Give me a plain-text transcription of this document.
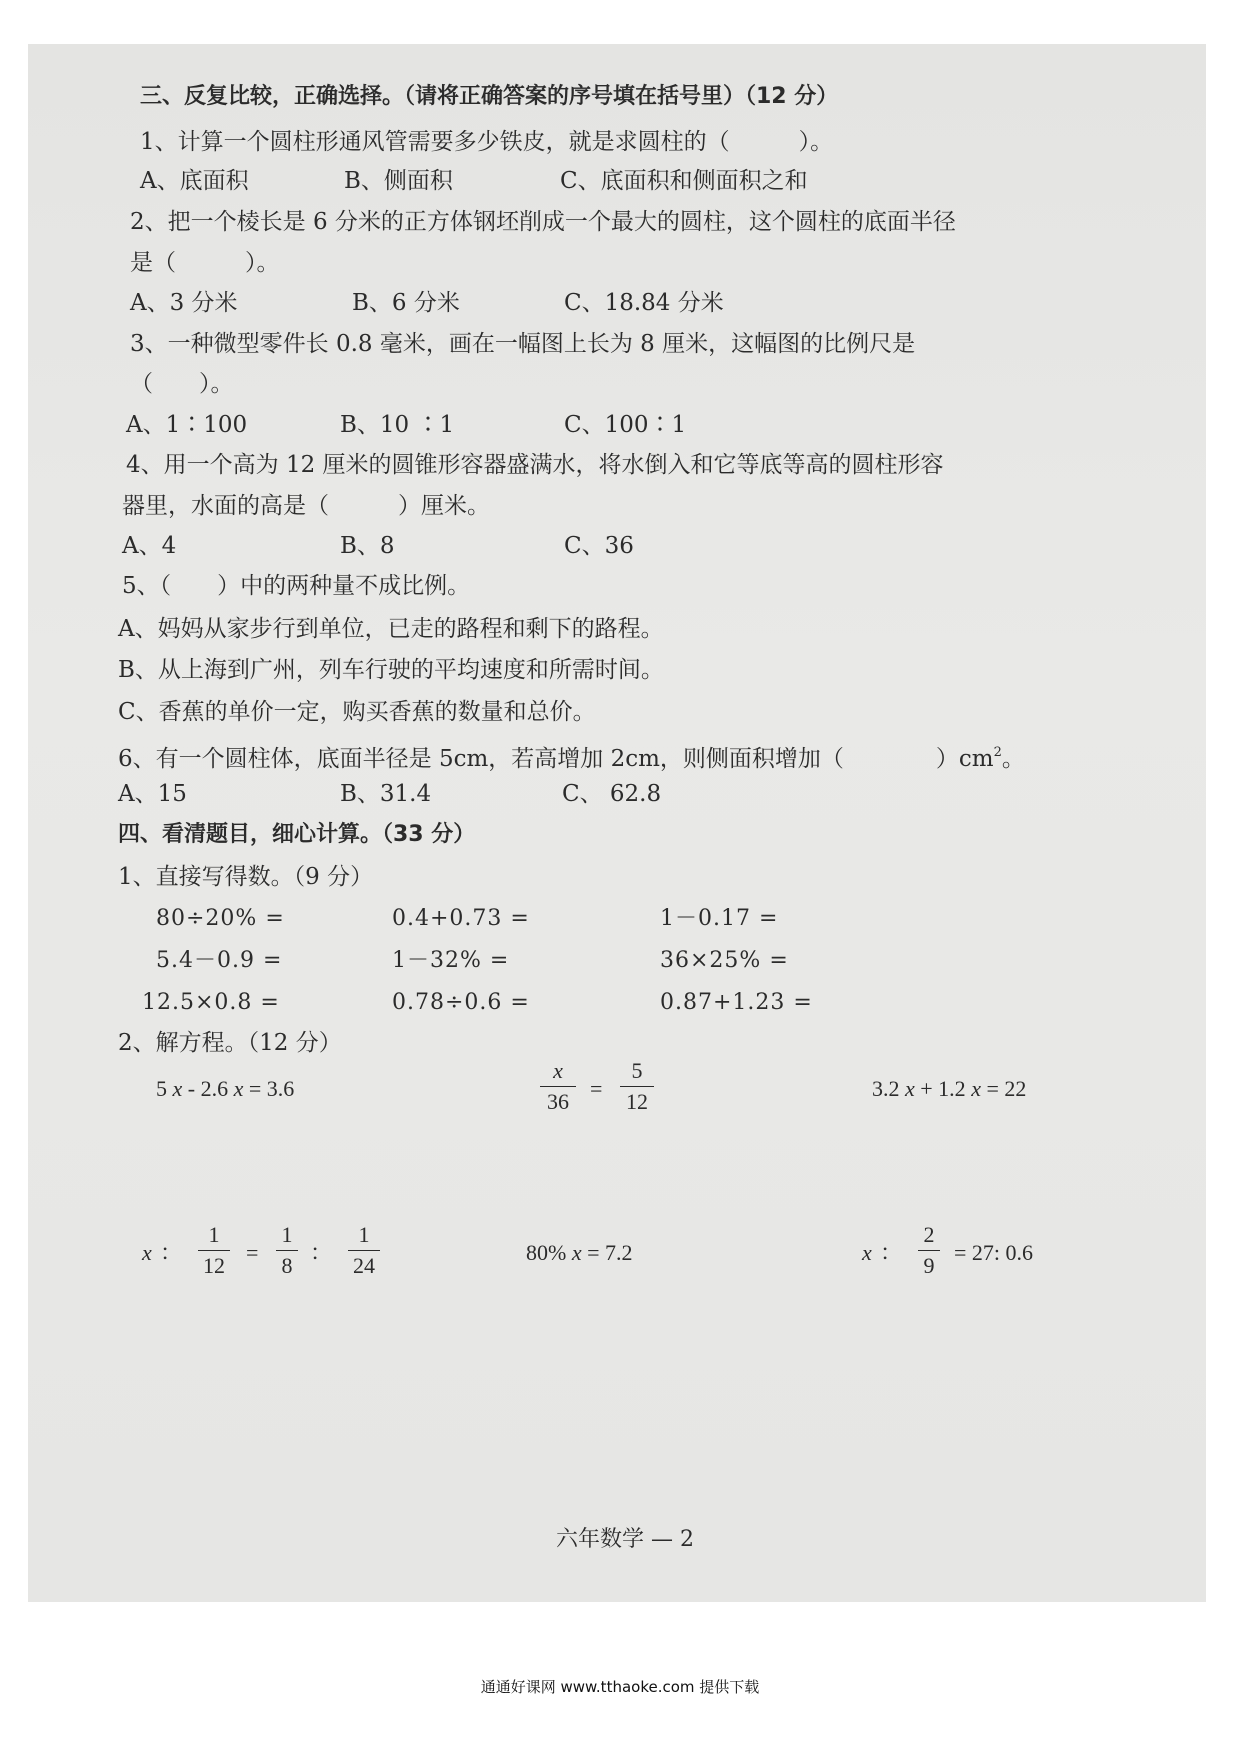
三、反复比较，正确选择。（请将正确答案的序号填在括号里）（12 分）
1、计算一个圆柱形通风管需要多少铁皮，就是求圆柱的（　　　）。
A、底面积	B、侧面积	C、底面积和侧面积之和
2、把一个棱长是 6 分米的正方体钢坯削成一个最大的圆柱，这个圆柱的底面半径
是（　　　）。
A、3 分米	B、6 分米	C、18.84 分米
3、一种微型零件长 0.8 毫米，画在一幅图上长为 8 厘米，这幅图的比例尺是
（　　）。
A、1∶100	B、10 ∶1	C、100∶1
4、用一个高为 12 厘米的圆锥形容器盛满水，将水倒入和它等底等高的圆柱形容
器里，水面的高是（　　　）厘米。
A、4	B、8	C、36
5、（　　）中的两种量不成比例。
A、妈妈从家步行到单位，已走的路程和剩下的路程。
B、从上海到广州，列车行驶的平均速度和所需时间。
C、香蕉的单价一定，购买香蕉的数量和总价。
6、有一个圆柱体，底面半径是 5cm，若高增加 2cm，则侧面积增加（　　　　）$cm^2$。
A、15	B、31.4	C、 62.8
四、看清题目，细心计算。（33 分）
1、直接写得数。（9 分）
80÷20% =	0.4+0.73 =	1－0.17 =
5.4－0.9 =	1－32% =	36×25% =
12.5×0.8 =	0.78÷0.6 =	0.87+1.23 =
2、解方程。（12 分）
5 x - 2.6 x = 3.6	$\frac{x}{36} = \frac{5}{12}$	3.2 x + 1.2 x = 22
x ： $\frac{1}{12} = \frac{1}{8}$ ： $\frac{1}{24}$	80% x = 7.2	x ： $\frac{2}{9} = 27$: 0.6
六年数学 — 2
通通好课网 www.tthaoke.com 提供下载
